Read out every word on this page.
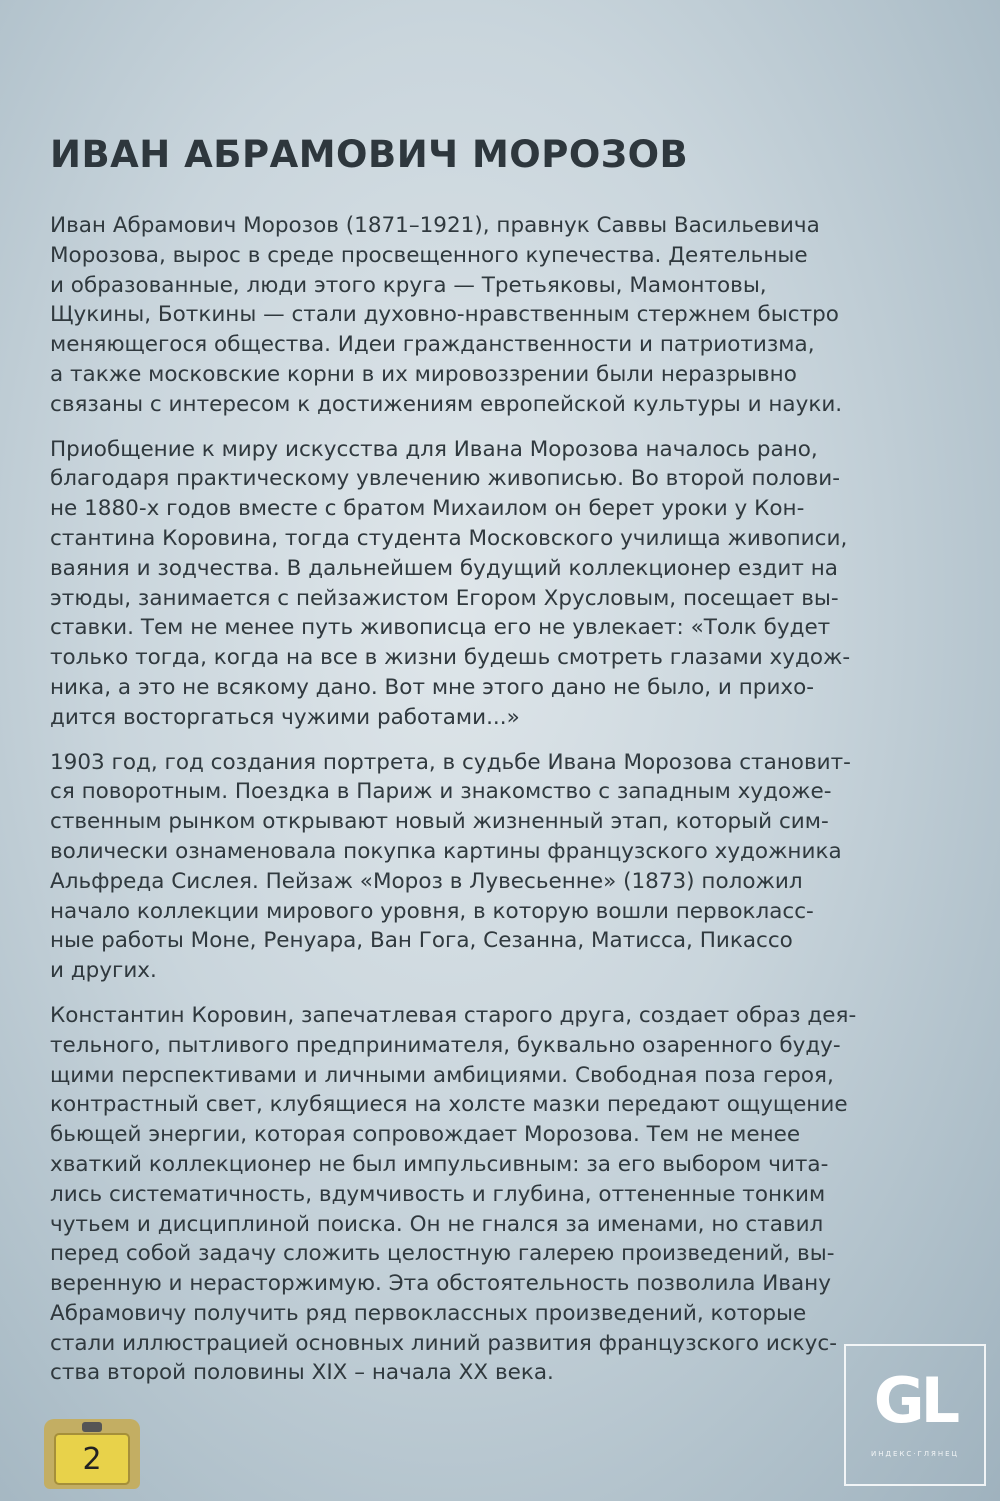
ИВАН АБРАМОВИЧ МОРОЗОВ

Иван Абрамович Морозов (1871–1921), правнук Саввы Васильевича
Морозова, вырос в среде просвещенного купечества. Деятельные
и образованные, люди этого круга — Третьяковы, Мамонтовы,
Щукины, Боткины — стали духовно-нравственным стержнем быстро
меняющегося общества. Идеи гражданственности и патриотизма,
а также московские корни в их мировоззрении были неразрывно
связаны с интересом к достижениям европейской культуры и науки.

Приобщение к миру искусства для Ивана Морозова началось рано,
благодаря практическому увлечению живописью. Во второй полови-
не 1880-х годов вместе с братом Михаилом он берет уроки у Кон-
стантина Коровина, тогда студента Московского училища живописи,
ваяния и зодчества. В дальнейшем будущий коллекционер ездит на
этюды, занимается с пейзажистом Егором Хрусловым, посещает вы-
ставки. Тем не менее путь живописца его не увлекает: «Толк будет
только тогда, когда на все в жизни будешь смотреть глазами худож-
ника, а это не всякому дано. Вот мне этого дано не было, и прихо-
дится восторгаться чужими работами...»

1903 год, год создания портрета, в судьбе Ивана Морозова становит-
ся поворотным. Поездка в Париж и знакомство с западным художе-
ственным рынком открывают новый жизненный этап, который сим-
волически ознаменовала покупка картины французского художника
Альфреда Сислея. Пейзаж «Мороз в Лувесьенне» (1873) положил
начало коллекции мирового уровня, в которую вошли первокласс-
ные работы Моне, Ренуара, Ван Гога, Сезанна, Матисса, Пикассо
и других.

Константин Коровин, запечатлевая старого друга, создает образ дея-
тельного, пытливого предпринимателя, буквально озаренного буду-
щими перспективами и личными амбициями. Свободная поза героя,
контрастный свет, клубящиеся на холсте мазки передают ощущение
бьющей энергии, которая сопровождает Морозова. Тем не менее
хваткий коллекционер не был импульсивным: за его выбором чита-
лись систематичность, вдумчивость и глубина, оттененные тонким
чутьем и дисциплиной поиска. Он не гнался за именами, но ставил
перед собой задачу сложить целостную галерею произведений, вы-
веренную и нерасторжимую. Эта обстоятельность позволила Ивану
Абрамовичу получить ряд первоклассных произведений, которые
стали иллюстрацией основных линий развития французского искус-
ства второй половины XIX – начала XX века.

2
GL
ИНДЕКС·ГЛЯНЕЦ
